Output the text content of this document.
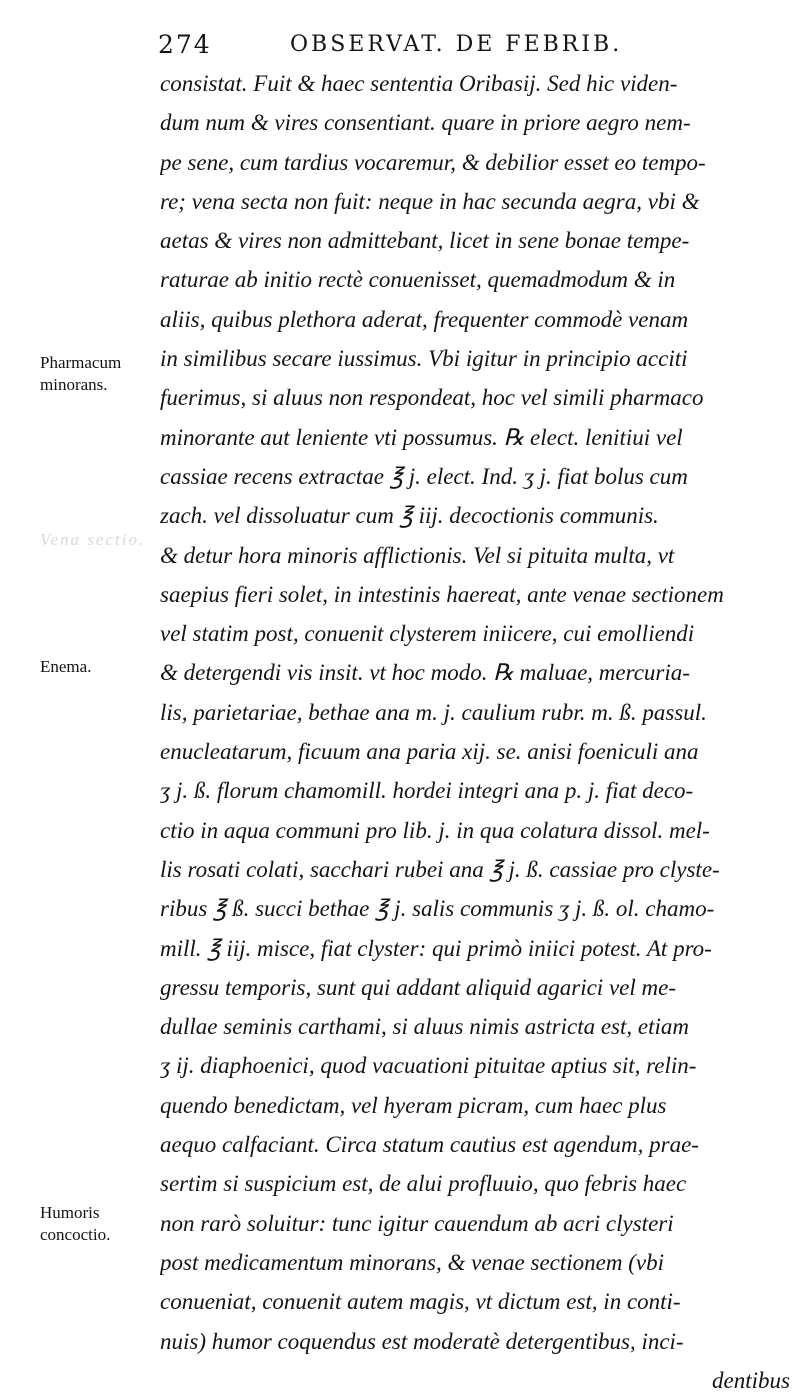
274	OBSERVAT. DE FEBRIB.
consistat. Fuit & haec sententia Oribasij. Sed hic viden-
dum num & vires consentiant. quare in priore aegro nem-
pe sene, cum tardius vocaremur, & debilior esset eo tempo-
re; vena secta non fuit: neque in hac secunda aegra, vbi &
aetas & vires non admittebant, licet in sene bonae tempe-
raturae ab initio rectè conuenisset, quemadmodum & in
aliis, quibus plethora aderat, frequenter commodè venam
in similibus secare iussimus. Vbi igitur in principio acciti
fuerimus, si aluus non respondeat, hoc vel simili pharmaco
minorante aut leniente vti possumus. ℞ elect. lenitiui vel
cassiae recens extractae ℥ j. elect. Ind. ʒ j. fiat bolus cum
zach. vel dissoluatur cum ℥ iij. decoctionis communis.
& detur hora minoris afflictionis. Vel si pituita multa, vt
saepius fieri solet, in intestinis haereat, ante venae sectionem
vel statim post, conuenit clysterem iniicere, cui emolliendi
& detergendi vis insit. vt hoc modo. ℞ maluae, mercuria-
lis, parietariae, bethae ana m. j. caulium rubr. m. ß. passul.
enucleatarum, ficuum ana paria xij. se. anisi foeniculi ana
ʒ j. ß. florum chamomill. hordei integri ana p. j. fiat deco-
ctio in aqua communi pro lib. j. in qua colatura dissol. mel-
lis rosati colati, sacchari rubei ana ℥ j. ß. cassiae pro clyste-
ribus ℥ ß. succi bethae ℥ j. salis communis ʒ j. ß. ol. chamo-
mill. ℥ iij. misce, fiat clyster: qui primò iniici potest. At pro-
gressu temporis, sunt qui addant aliquid agarici vel me-
dullae seminis carthami, si aluus nimis astricta est, etiam
ʒ ij. diaphoenici, quod vacuationi pituitae aptius sit, relin-
quendo benedictam, vel hyeram picram, cum haec plus
aequo calfaciant. Circa statum cautius est agendum, prae-
sertim si suspicium est, de alui profluuio, quo febris haec
non rarò soluitur: tunc igitur cauendum ab acri clysteri
post medicamentum minorans, & venae sectionem (vbi
conueniat, conuenit autem magis, vt dictum est, in conti-
nuis) humor coquendus est moderatè detergentibus, inci-
dentibus
Pharmacum
minorans.
Enema.
Humoris
concoctio.
Vena sectio.
